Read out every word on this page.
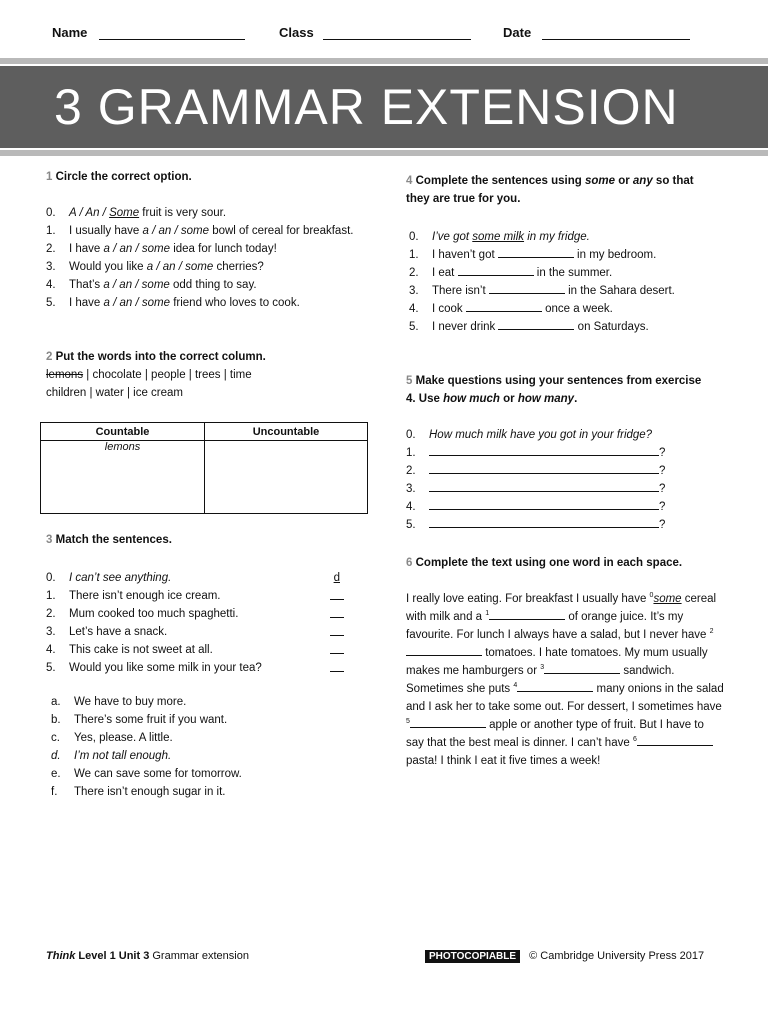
Name	Class	Date
3 GRAMMAR EXTENSION
1 Circle the correct option.
0. A / An / Some fruit is very sour.
1. I usually have a / an / some bowl of cereal for breakfast.
2. I have a / an / some idea for lunch today!
3. Would you like a / an / some cherries?
4. That’s a / an / some odd thing to say.
5. I have a / an / some friend who loves to cook.
2 Put the words into the correct column.
lemons | chocolate | people | trees | time
children | water | ice cream
Countable	Uncountable
lemons	
3 Match the sentences.
0. I can’t see anything.	d
1. There isn’t enough ice cream.
2. Mum cooked too much spaghetti.
3. Let’s have a snack.
4. This cake is not sweet at all.
5. Would you like some milk in your tea?
a. We have to buy more.
b. There’s some fruit if you want.
c. Yes, please. A little.
d. I’m not tall enough.
e. We can save some for tomorrow.
f. There isn’t enough sugar in it.
4 Complete the sentences using some or any so that
they are true for you.
0. I’ve got some milk in my fridge.
1. I haven’t got	in my bedroom.
2. I eat	in the summer.
3. There isn’t	in the Sahara desert.
4. I cook	once a week.
5. I never drink	on Saturdays.
5 Make questions using your sentences from exercise
4. Use how much or how many.
0. How much milk have you got in your fridge?
1.	?
2.	?
3.	?
4.	?
5.	?
6 Complete the text using one word in each space.
I really love eating. For breakfast I usually have $^0$some cereal with milk and a $^1$	of orange juice. It’s my favourite. For lunch I always have a salad, but I never have $^2$ tomatoes. I hate tomatoes. My mum usually makes me hamburgers or $^3$	sandwich. Sometimes she puts $^4$	many onions in the salad and I ask her to take some out. For dessert, I sometimes have $^5$	apple or another type of fruit. But I have to say that the best meal is dinner. I can’t have $^6$ pasta! I think I eat it five times a week!
Think Level 1 Unit 3 Grammar extension	PHOTOCOPIABLE © Cambridge University Press 2017
